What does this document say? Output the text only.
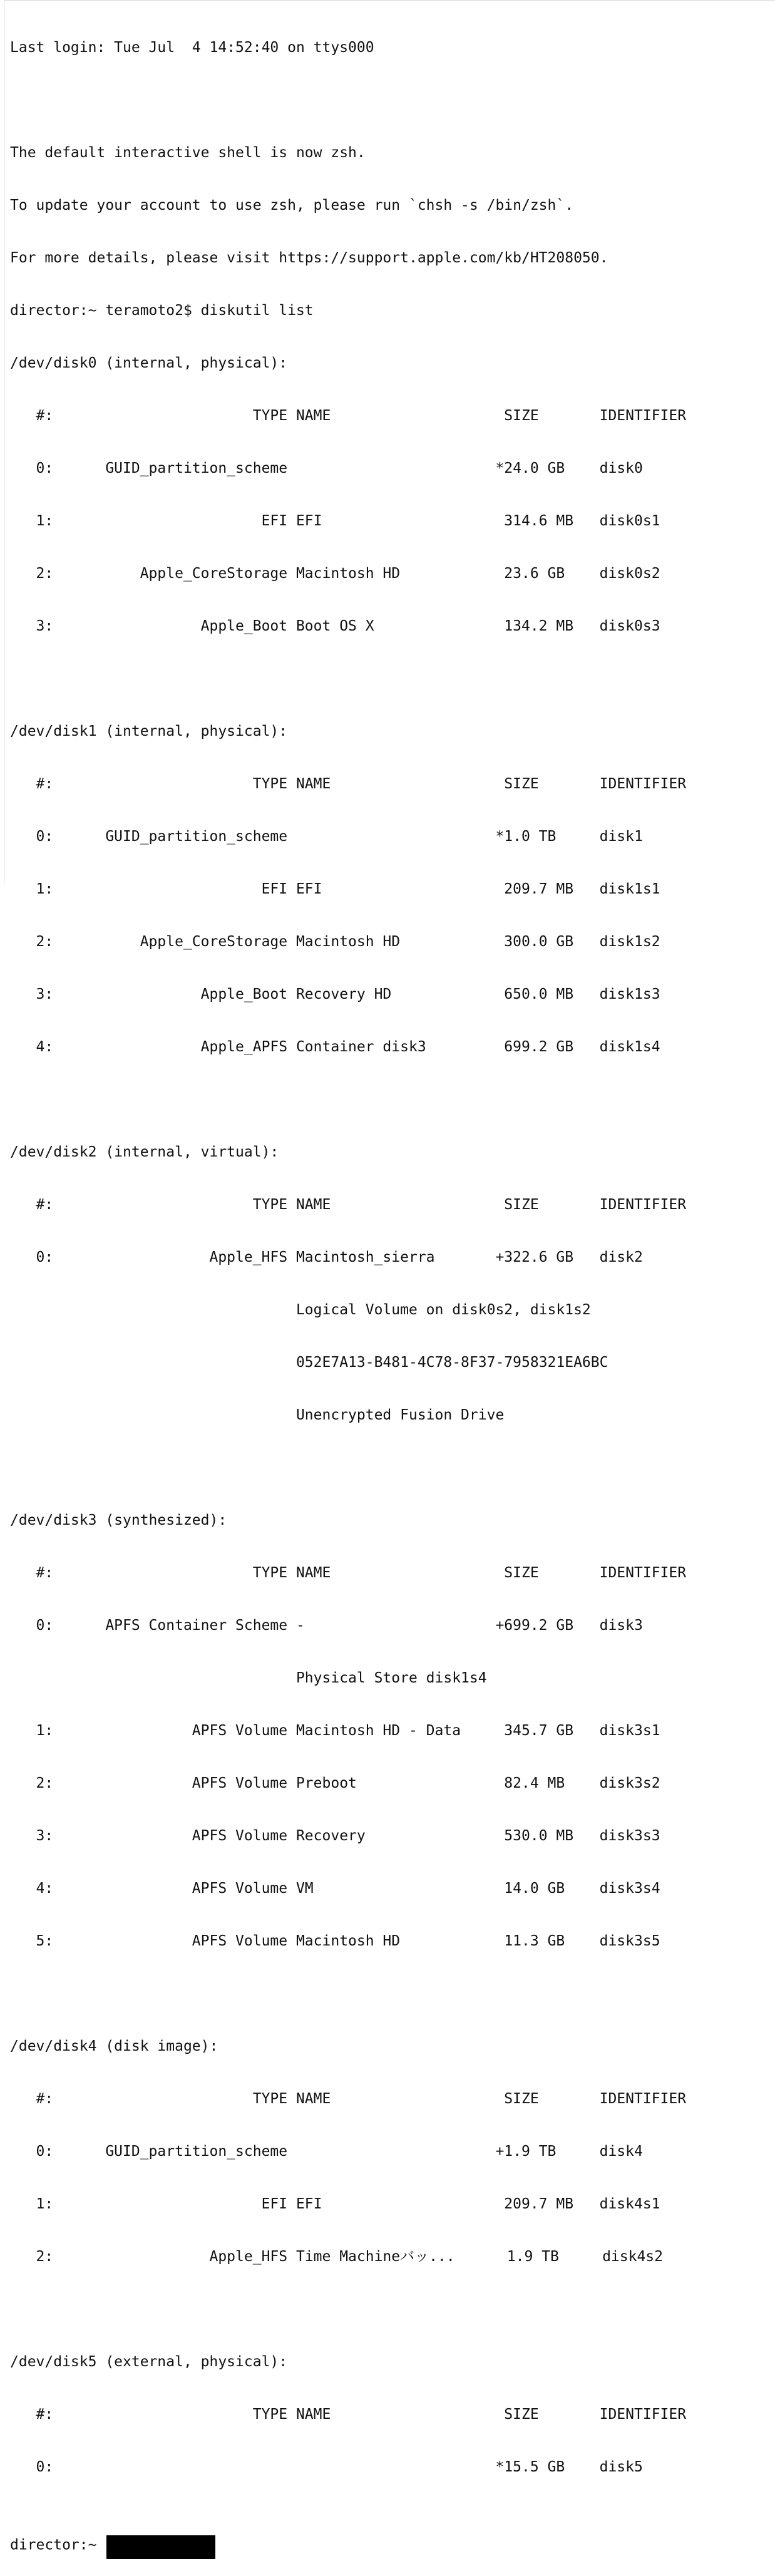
Last login: Tue Jul  4 14:52:40 on ttys000

The default interactive shell is now zsh.

To update your account to use zsh, please run `chsh -s /bin/zsh`.

For more details, please visit https://support.apple.com/kb/HT208050.

director:~ teramoto2$ diskutil list

/dev/disk0 (internal, physical):

#:                       TYPE NAME                    SIZE       IDENTIFIER

0:      GUID_partition_scheme                        *24.0 GB    disk0

1:                        EFI EFI                     314.6 MB   disk0s1

2:          Apple_CoreStorage Macintosh HD            23.6 GB    disk0s2

3:                 Apple_Boot Boot OS X               134.2 MB   disk0s3

/dev/disk1 (internal, physical):

#:                       TYPE NAME                    SIZE       IDENTIFIER

0:      GUID_partition_scheme                        *1.0 TB     disk1

1:                        EFI EFI                     209.7 MB   disk1s1

2:          Apple_CoreStorage Macintosh HD            300.0 GB   disk1s2

3:                 Apple_Boot Recovery HD             650.0 MB   disk1s3

4:                 Apple_APFS Container disk3         699.2 GB   disk1s4

/dev/disk2 (internal, virtual):

#:                       TYPE NAME                    SIZE       IDENTIFIER

0:                  Apple_HFS Macintosh_sierra       +322.6 GB   disk2

Logical Volume on disk0s2, disk1s2

052E7A13-B481-4C78-8F37-7958321EA6BC

Unencrypted Fusion Drive

/dev/disk3 (synthesized):

#:                       TYPE NAME                    SIZE       IDENTIFIER

0:      APFS Container Scheme -                      +699.2 GB   disk3

Physical Store disk1s4

1:                APFS Volume Macintosh HD - Data     345.7 GB   disk3s1

2:                APFS Volume Preboot                 82.4 MB    disk3s2

3:                APFS Volume Recovery                530.0 MB   disk3s3

4:                APFS Volume VM                      14.0 GB    disk3s4

5:                APFS Volume Macintosh HD            11.3 GB    disk3s5

/dev/disk4 (disk image):

#:                       TYPE NAME                    SIZE       IDENTIFIER

0:      GUID_partition_scheme                        +1.9 TB     disk4

1:                        EFI EFI                     209.7 MB   disk4s1

2:                  Apple_HFS Time Machineバッ...      1.9 TB     disk4s2

/dev/disk5 (external, physical):

#:                       TYPE NAME                    SIZE       IDENTIFIER

0:                                                   *15.5 GB    disk5

director:~
